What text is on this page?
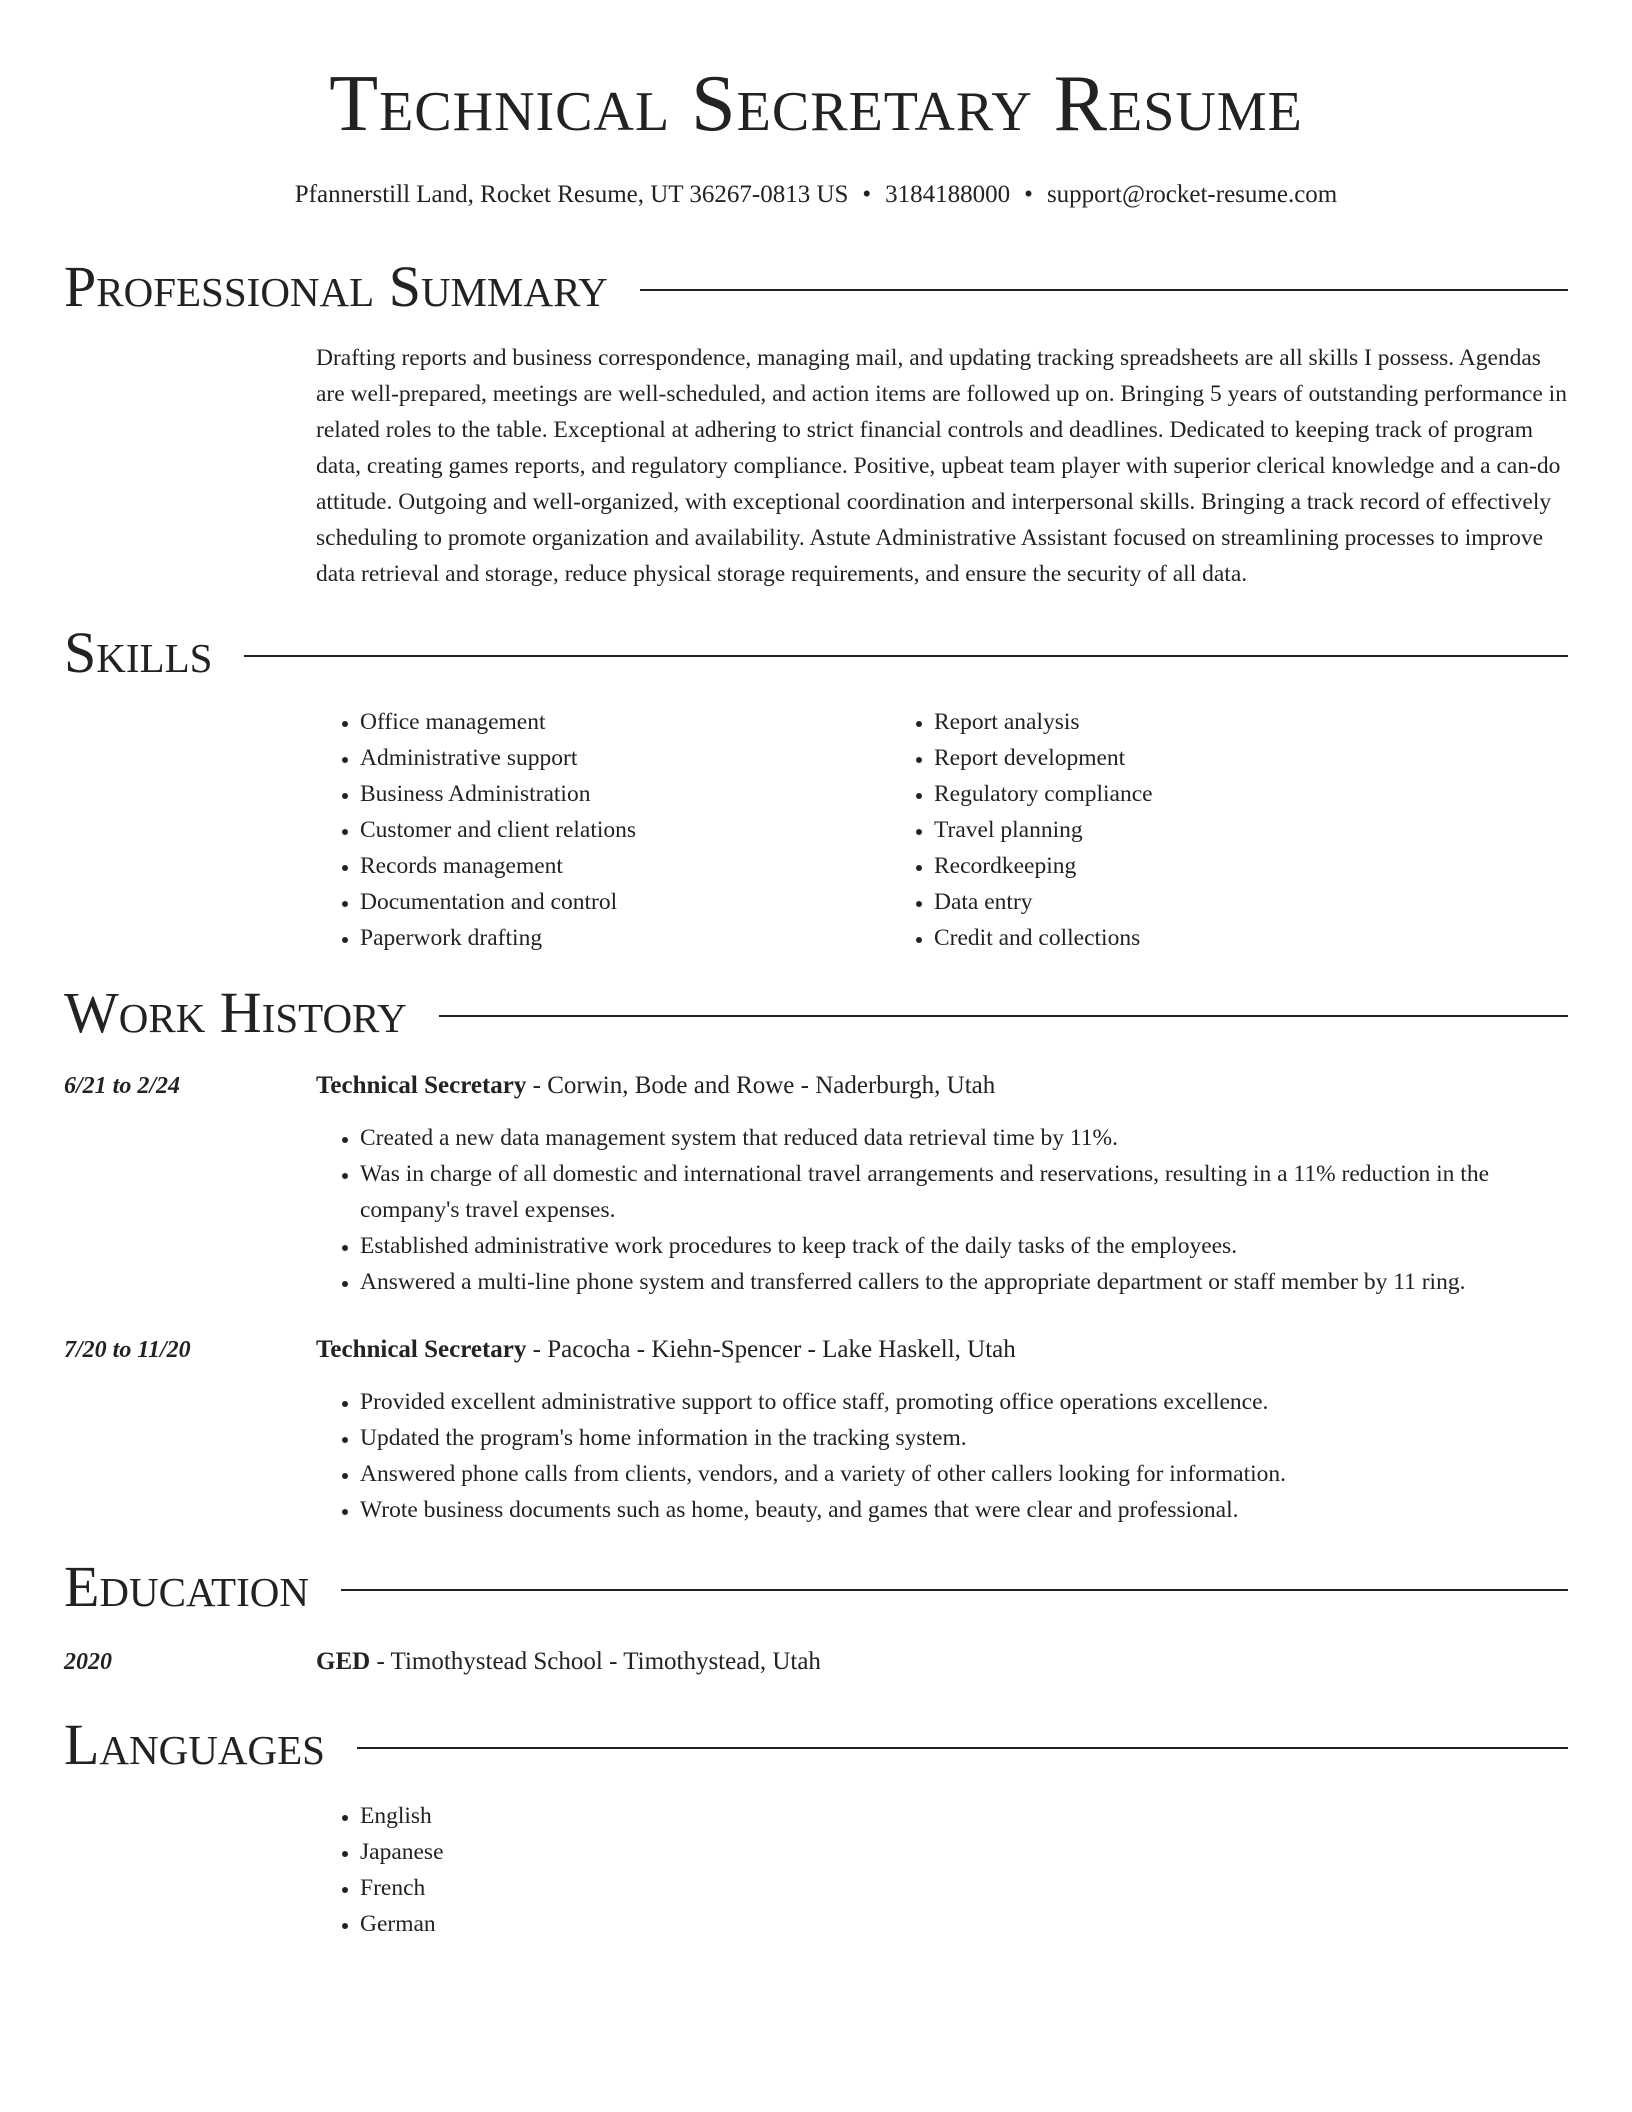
Technical Secretary Resume
Pfannerstill Land, Rocket Resume, UT 36267-0813 US • 3184188000 • support@rocket-resume.com
Professional Summary

Drafting reports and business correspondence, managing mail, and updating tracking spreadsheets are all skills I possess. Agendas are well-prepared, meetings are well-scheduled, and action items are followed up on. Bringing 5 years of outstanding performance in related roles to the table. Exceptional at adhering to strict financial controls and deadlines. Dedicated to keeping track of program data, creating games reports, and regulatory compliance. Positive, upbeat team player with superior clerical knowledge and a can-do attitude. Outgoing and well-organized, with exceptional coordination and interpersonal skills. Bringing a track record of effectively scheduling to promote organization and availability. Astute Administrative Assistant focused on streamlining processes to improve data retrieval and storage, reduce physical storage requirements, and ensure the security of all data.

Skills
• Office management
• Administrative support
• Business Administration
• Customer and client relations
• Records management
• Documentation and control
• Paperwork drafting
• Report analysis
• Report development
• Regulatory compliance
• Travel planning
• Recordkeeping
• Data entry
• Credit and collections
Work History
6/21 to 2/24	Technical Secretary - Corwin, Bode and Rowe - Naderburgh, Utah
• Created a new data management system that reduced data retrieval time by 11%.
• Was in charge of all domestic and international travel arrangements and reservations, resulting in a 11% reduction in the company's travel expenses.
• Established administrative work procedures to keep track of the daily tasks of the employees.
• Answered a multi-line phone system and transferred callers to the appropriate department or staff member by 11 ring.
7/20 to 11/20	Technical Secretary - Pacocha - Kiehn-Spencer - Lake Haskell, Utah
• Provided excellent administrative support to office staff, promoting office operations excellence.
• Updated the program's home information in the tracking system.
• Answered phone calls from clients, vendors, and a variety of other callers looking for information.
• Wrote business documents such as home, beauty, and games that were clear and professional.
Education
2020	GED - Timothystead School - Timothystead, Utah
Languages
• English
• Japanese
• French
• German
